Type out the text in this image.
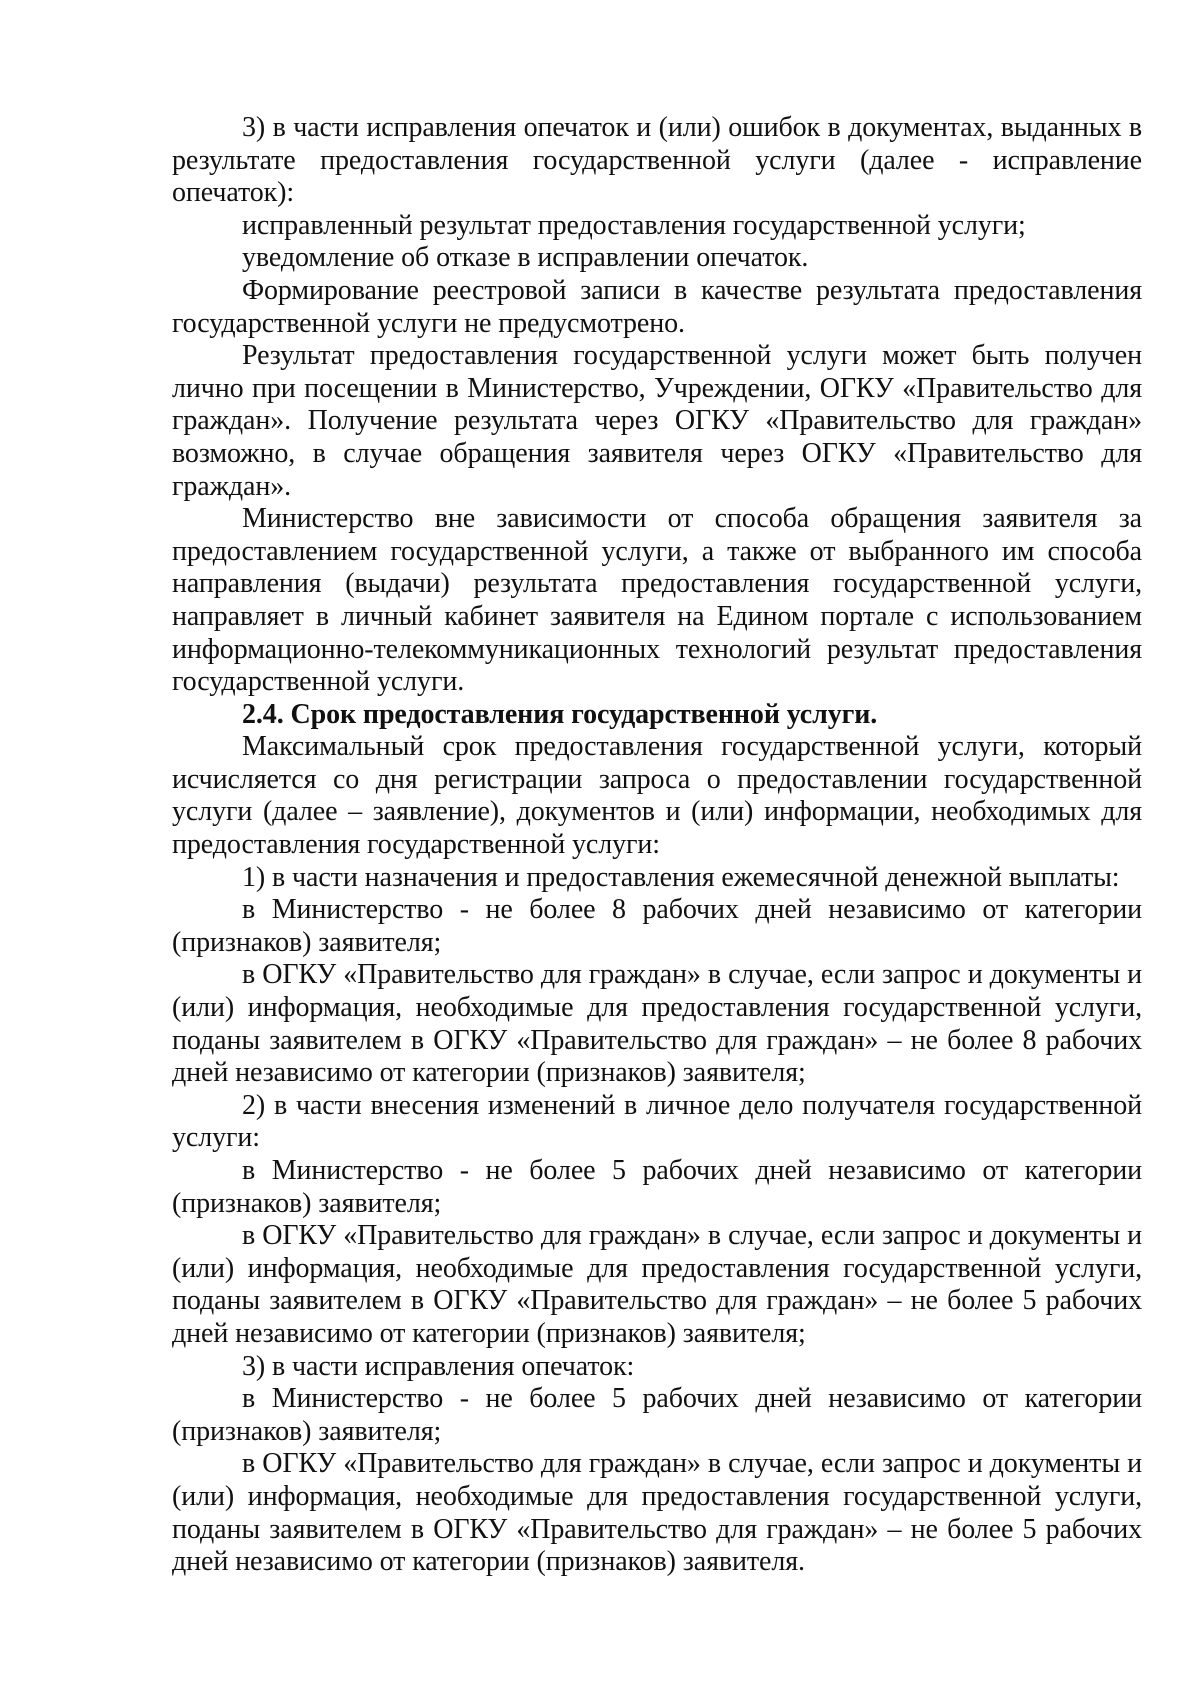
3) в части исправления опечаток и (или) ошибок в документах, выданных в результате предоставления государственной услуги (далее - исправление опечаток):

исправленный результат предоставления государственной услуги;

уведомление об отказе в исправлении опечаток.

Формирование реестровой записи в качестве результата предоставления государственной услуги не предусмотрено.

Результат предоставления государственной услуги может быть получен лично при посещении в Министерство, Учреждении, ОГКУ «Правительство для граждан». Получение результата через ОГКУ «Правительство для граждан» возможно, в случае обращения заявителя через ОГКУ «Правительство для граждан».

Министерство вне зависимости от способа обращения заявителя за предоставлением государственной услуги, а также от выбранного им способа направления (выдачи) результата предоставления государственной услуги, направляет в личный кабинет заявителя на Едином портале с использованием информационно-телекоммуникационных технологий результат предоставления государственной услуги.

2.4. Срок предоставления государственной услуги.

Максимальный срок предоставления государственной услуги, который исчисляется со дня регистрации запроса о предоставлении государственной услуги (далее – заявление), документов и (или) информации, необходимых для предоставления государственной услуги:

1) в части назначения и предоставления ежемесячной денежной выплаты:

в Министерство - не более 8 рабочих дней независимо от категории (признаков) заявителя;

в ОГКУ «Правительство для граждан» в случае, если запрос и документы и (или) информация, необходимые для предоставления государственной услуги, поданы заявителем в ОГКУ «Правительство для граждан» – не более 8 рабочих дней независимо от категории (признаков) заявителя;

2) в части внесения изменений в личное дело получателя государственной услуги:

в Министерство - не более 5 рабочих дней независимо от категории (признаков) заявителя;

в ОГКУ «Правительство для граждан» в случае, если запрос и документы и (или) информация, необходимые для предоставления государственной услуги, поданы заявителем в ОГКУ «Правительство для граждан» – не более 5 рабочих дней независимо от категории (признаков) заявителя;

3) в части исправления опечаток:

в Министерство - не более 5 рабочих дней независимо от категории (признаков) заявителя;

в ОГКУ «Правительство для граждан» в случае, если запрос и документы и (или) информация, необходимые для предоставления государственной услуги, поданы заявителем в ОГКУ «Правительство для граждан» – не более 5 рабочих дней независимо от категории (признаков) заявителя.
